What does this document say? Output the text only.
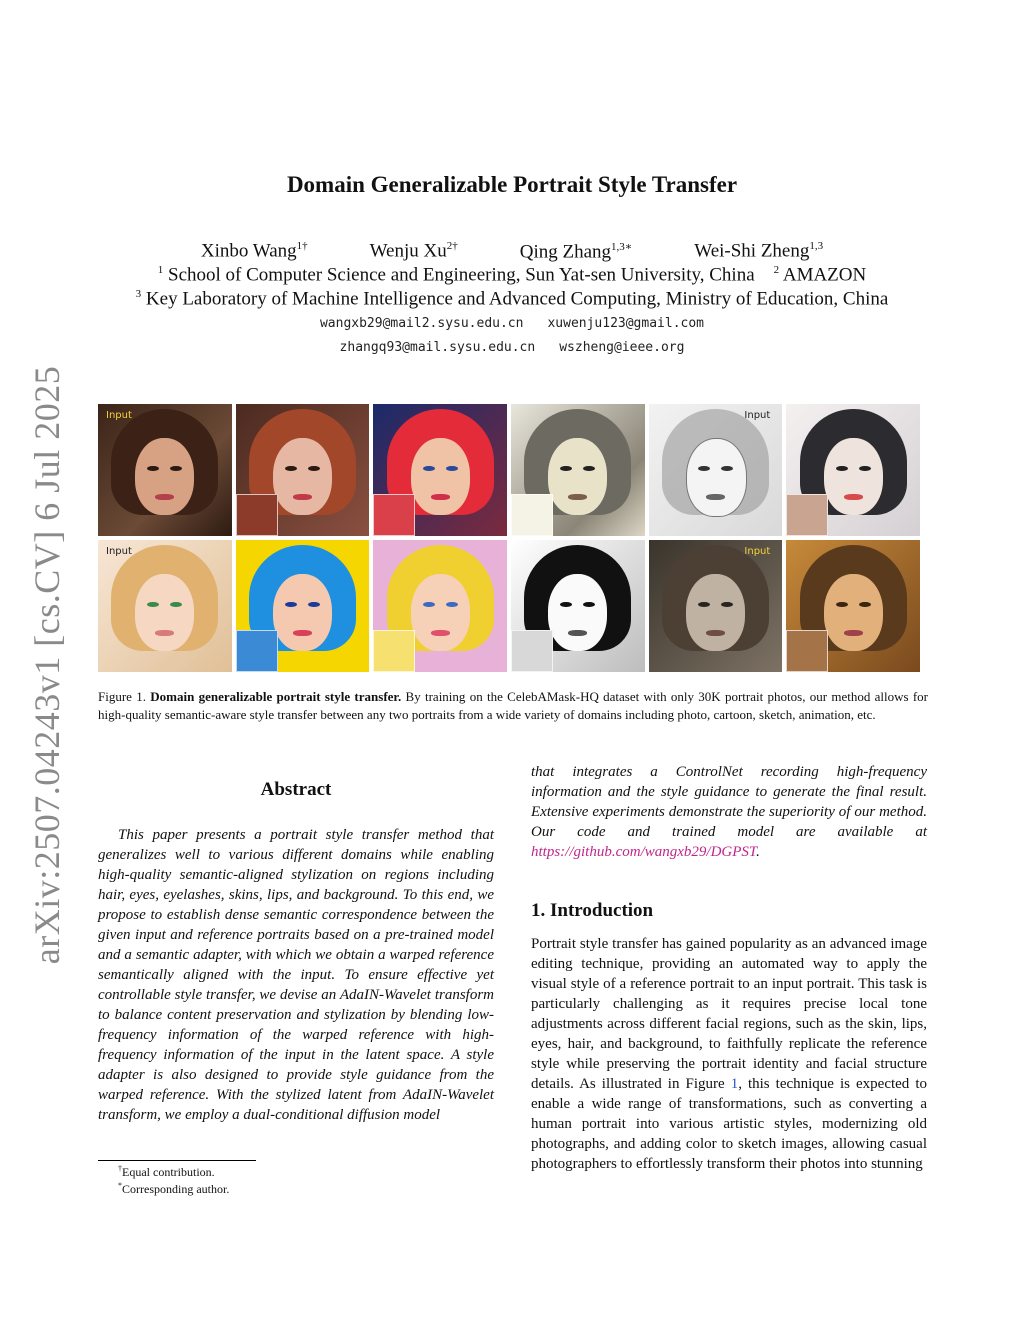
arXiv:2507.04243v1 [cs.CV] 6 Jul 2025
Domain Generalizable Portrait Style Transfer
Xinbo Wang$^{1\dagger}$	Wenju $Xu^{2\dagger}$	Qing Zhang$^{1,3∗}$	Wei-Shi Zheng$^{1,3}$
$^1$ School of Computer Science and Engineering, Sun Yat-sen University, China $^2$ AMAZON
$^3$ Key Laboratory of Machine Intelligence and Advanced Computing, Ministry of Education, China
wangxb29@mail2.sysu.edu.cn xuwenju123@gmail.com
zhangq93@mail.sysu.edu.cn wszheng@ieee.org
Input	Input
Input	Input
Figure 1. Domain generalizable portrait style transfer. By training on the CelebAMask-HQ dataset with only 30K portrait photos, our method allows for high-quality semantic-aware style transfer between any two portraits from a wide variety of domains including photo, cartoon, sketch, animation, etc.
Abstract

This paper presents a portrait style transfer method that generalizes well to various different domains while enabling high-quality semantic-aligned stylization on regions including hair, eyes, eyelashes, skins, lips, and background. To this end, we propose to establish dense semantic correspondence between the given input and reference portraits based on a pre-trained model and a semantic adapter, with which we obtain a warped reference semantically aligned with the input. To ensure effective yet controllable style transfer, we devise an AdaIN-Wavelet transform to balance content preservation and stylization by blending low-frequency information of the warped reference with high-frequency information of the input in the latent space. A style adapter is also designed to provide style guidance from the warped reference. With the stylized latent from AdaIN-Wavelet transform, we employ a dual-conditional diffusion model

that integrates a ControlNet recording high-frequency information and the style guidance to generate the final result. Extensive experiments demonstrate the superiority of our method. Our code and trained model are available at https://github.com/wangxb29/DGPST.

†Equal contribution.
*Corresponding author.
1. Introduction

Portrait style transfer has gained popularity as an advanced image editing technique, providing an automated way to apply the visual style of a reference portrait to an input portrait. This task is particularly challenging as it requires precise local tone adjustments across different facial regions, such as the skin, lips, eyes, hair, and background, to faithfully replicate the reference style while preserving the portrait identity and facial structure details. As illustrated in Figure 1, this technique is expected to enable a wide range of transformations, such as converting a human portrait into various artistic styles, modernizing old photographs, and adding color to sketch images, allowing casual photographers to effortlessly transform their photos into stunning
